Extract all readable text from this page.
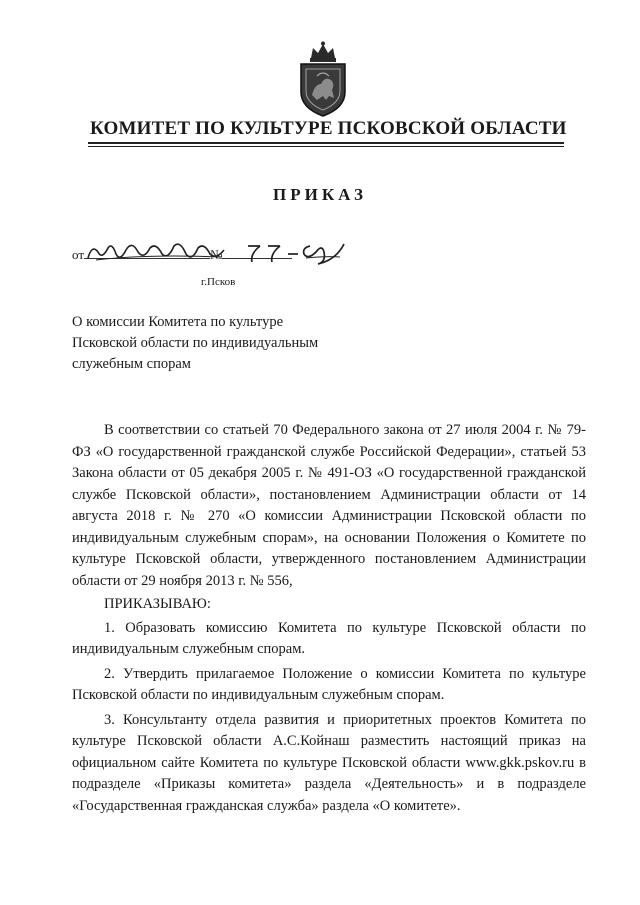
КОМИТЕТ ПО КУЛЬТУРЕ ПСКОВСКОЙ ОБЛАСТИ
ПРИКАЗ
от	№
г.Псков
О комиссии Комитета по культуре
Псковской области по индивидуальным
служебным спорам

В соответствии со статьей 70 Федерального закона от 27 июля 2004 г. № 79-ФЗ «О государственной гражданской службе Российской Федерации», статьей 53 Закона области от 05 декабря 2005 г. № 491-ОЗ «О государственной гражданской службе Псковской области», постановлением Администрации области от 14 августа 2018 г. № 270 «О комиссии Администрации Псковской области по индивидуальным служебным спорам», на основании Положения о Комитете по культуре Псковской области, утвержденного постановлением Администрации области от 29 ноября 2013 г. № 556,

ПРИКАЗЫВАЮ:

1. Образовать комиссию Комитета по культуре Псковской области по индивидуальным служебным спорам.

2. Утвердить прилагаемое Положение о комиссии Комитета по культуре Псковской области по индивидуальным служебным спорам.

3. Консультанту отдела развития и приоритетных проектов Комитета по культуре Псковской области А.С.Койнаш разместить настоящий приказ на официальном сайте Комитета по культуре Псковской области www.gkk.pskov.ru в подразделе «Приказы комитета» раздела «Деятельность» и в подразделе «Государственная гражданская служба» раздела «О комитете».
